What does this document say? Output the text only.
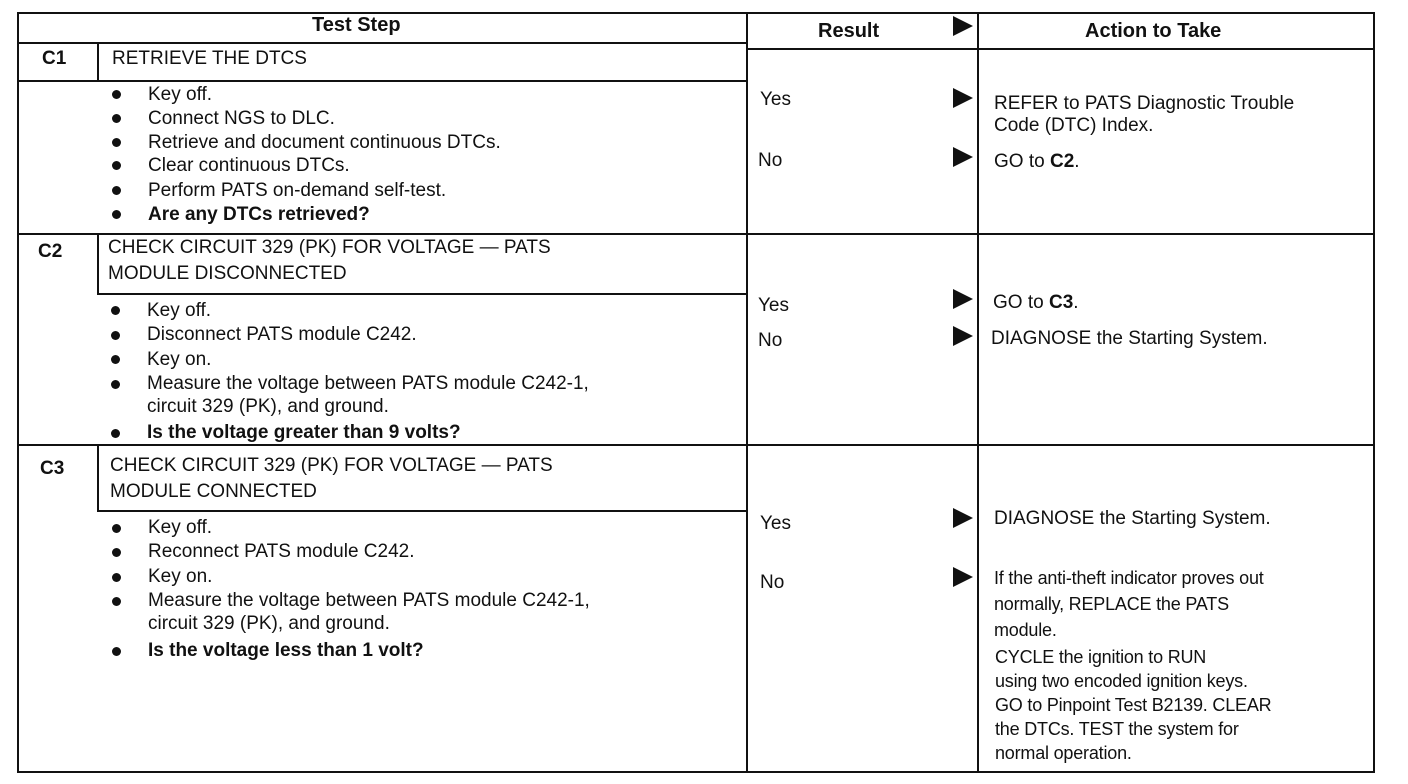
Test Step	Result	Action to Take
C1 RETRIEVE THE DTCS
Key off.
Connect NGS to DLC.
Retrieve and document continuous DTCs.
Clear continuous DTCs.
Perform PATS on-demand self-test.
Are any DTCs retrieved?
Yes	REFER to PATS Diagnostic Trouble
Code (DTC) Index.
No	GO to C2.
C2 CHECK CIRCUIT 329 (PK) FOR VOLTAGE — PATS
MODULE DISCONNECTED
Key off.
Disconnect PATS module C242.
Key on.
Measure the voltage between PATS module C242-1,
circuit 329 (PK), and ground.
Is the voltage greater than 9 volts?
Yes	GO to C3.
No	DIAGNOSE the Starting System.
C3 CHECK CIRCUIT 329 (PK) FOR VOLTAGE — PATS
MODULE CONNECTED
Key off.
Reconnect PATS module C242.
Key on.
Measure the voltage between PATS module C242-1,
circuit 329 (PK), and ground.
Is the voltage less than 1 volt?
Yes	DIAGNOSE the Starting System.
No	If the anti-theft indicator proves out
normally, REPLACE the PATS
module.
CYCLE the ignition to RUN
using two encoded ignition keys.
GO to Pinpoint Test B2139. CLEAR
the DTCs. TEST the system for
normal operation.
